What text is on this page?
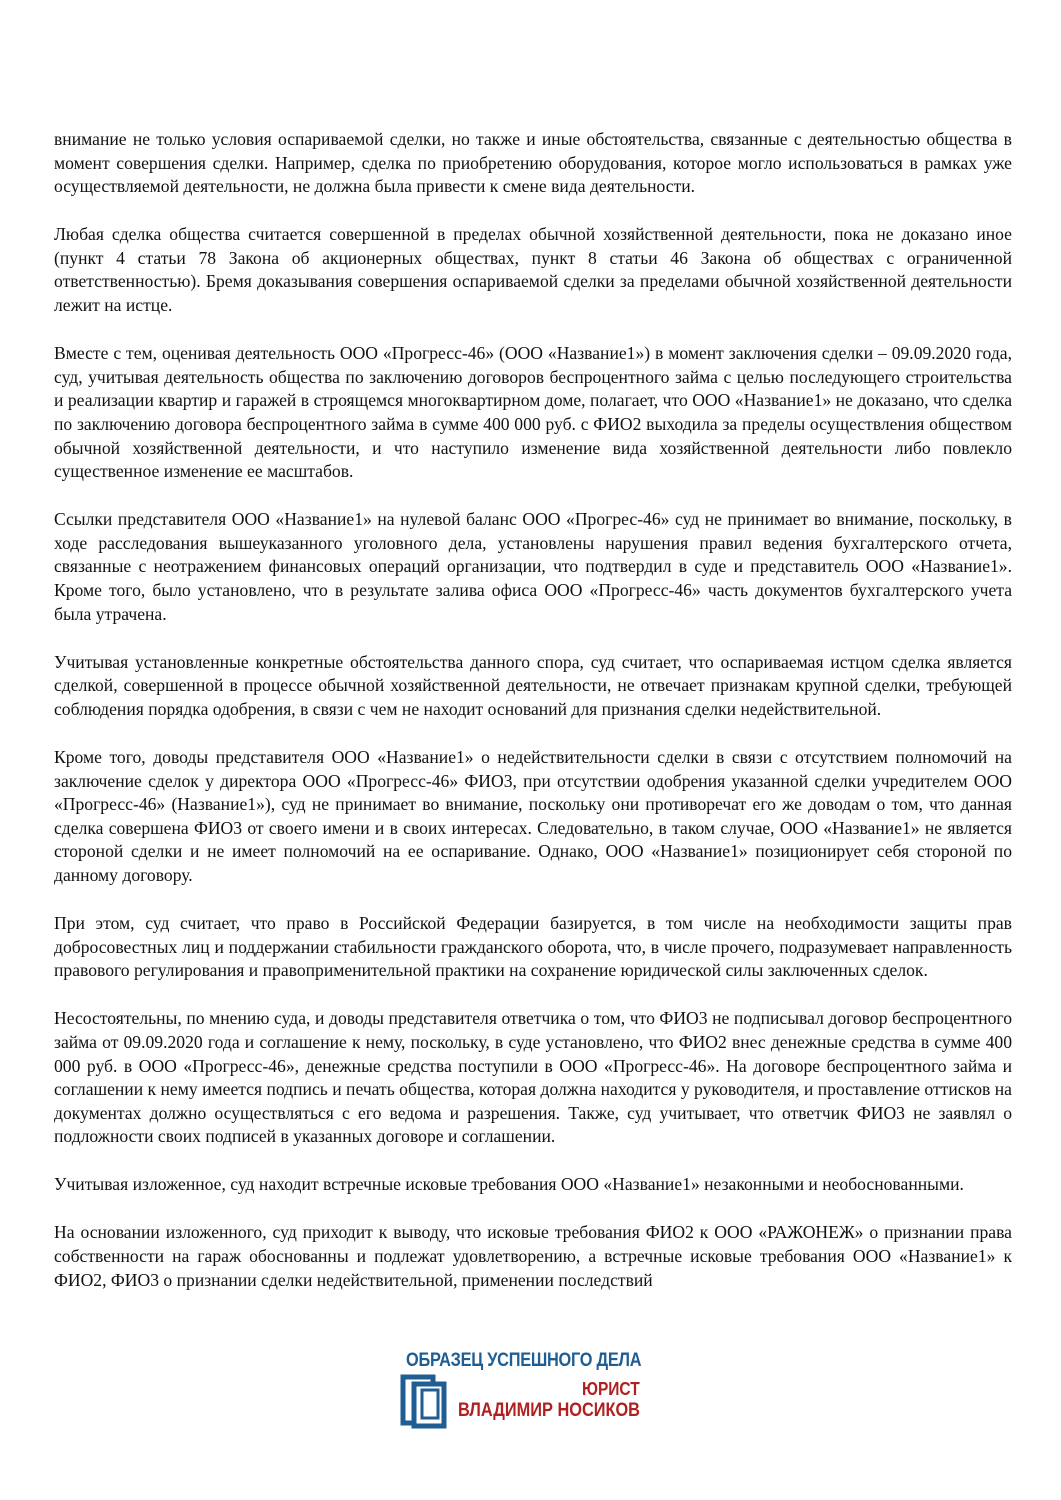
внимание не только условия оспариваемой сделки, но также и иные обстоятельства, связанные с деятельностью общества в момент совершения сделки. Например, сделка по приобретению оборудования, которое могло использоваться в рамках уже осуществляемой деятельности, не должна была привести к смене вида деятельности.

Любая сделка общества считается совершенной в пределах обычной хозяйственной деятельности, пока не доказано иное (пункт 4 статьи 78 Закона об акционерных обществах, пункт 8 статьи 46 Закона об обществах с ограниченной ответственностью). Бремя доказывания совершения оспариваемой сделки за пределами обычной хозяйственной деятельности лежит на истце.

Вместе с тем, оценивая деятельность ООО «Прогресс-46» (ООО «Название1») в момент заключения сделки – 09.09.2020 года, суд, учитывая деятельность общества по заключению договоров беспроцентного займа с целью последующего строительства и реализации квартир и гаражей в строящемся многоквартирном доме, полагает, что ООО «Название1» не доказано, что сделка по заключению договора беспроцентного займа в сумме 400 000 руб. с ФИО2 выходила за пределы осуществления обществом обычной хозяйственной деятельности, и что наступило изменение вида хозяйственной деятельности либо повлекло существенное изменение ее масштабов.

Ссылки представителя ООО «Название1» на нулевой баланс ООО «Прогрес-46» суд не принимает во внимание, поскольку, в ходе расследования вышеуказанного уголовного дела, установлены нарушения правил ведения бухгалтерского отчета, связанные с неотражением финансовых операций организации, что подтвердил в суде и представитель ООО «Название1». Кроме того, было установлено, что в результате залива офиса ООО «Прогресс-46» часть документов бухгалтерского учета была утрачена.

Учитывая установленные конкретные обстоятельства данного спора, суд считает, что оспариваемая истцом сделка является сделкой, совершенной в процессе обычной хозяйственной деятельности, не отвечает признакам крупной сделки, требующей соблюдения порядка одобрения, в связи с чем не находит оснований для признания сделки недействительной.

Кроме того, доводы представителя ООО «Название1» о недействительности сделки в связи с отсутствием полномочий на заключение сделок у директора ООО «Прогресс-46» ФИО3, при отсутствии одобрения указанной сделки учредителем ООО «Прогресс-46» (Название1»), суд не принимает во внимание, поскольку они противоречат его же доводам о том, что данная сделка совершена ФИО3 от своего имени и в своих интересах. Следовательно, в таком случае, ООО «Название1» не является стороной сделки и не имеет полномочий на ее оспаривание. Однако, ООО «Название1» позиционирует себя стороной по данному договору.

При этом, суд считает, что право в Российской Федерации базируется, в том числе на необходимости защиты прав добросовестных лиц и поддержании стабильности гражданского оборота, что, в числе прочего, подразумевает направленность правового регулирования и правоприменительной практики на сохранение юридической силы заключенных сделок.

Несостоятельны, по мнению суда, и доводы представителя ответчика о том, что ФИО3 не подписывал договор беспроцентного займа от 09.09.2020 года и соглашение к нему, поскольку, в суде установлено, что ФИО2 внес денежные средства в сумме 400 000 руб. в ООО «Прогресс-46», денежные средства поступили в ООО «Прогресс-46». На договоре беспроцентного займа и соглашении к нему имеется подпись и печать общества, которая должна находится у руководителя, и проставление оттисков на документах должно осуществляться с его ведома и разрешения. Также, суд учитывает, что ответчик ФИО3 не заявлял о подложности своих подписей в указанных договоре и соглашении.

Учитывая изложенное, суд находит встречные исковые требования ООО «Название1» незаконными и необоснованными.

На основании изложенного, суд приходит к выводу, что исковые требования ФИО2 к ООО «РАЖОНЕЖ» о признании права собственности на гараж обоснованны и подлежат удовлетворению, а встречные исковые требования ООО «Название1» к ФИО2, ФИО3 о признании сделки недействительной, применении последствий

ОБРАЗЕЦ УСПЕШНОГО ДЕЛА
ЮРИСТ
ВЛАДИМИР НОСИКОВ
